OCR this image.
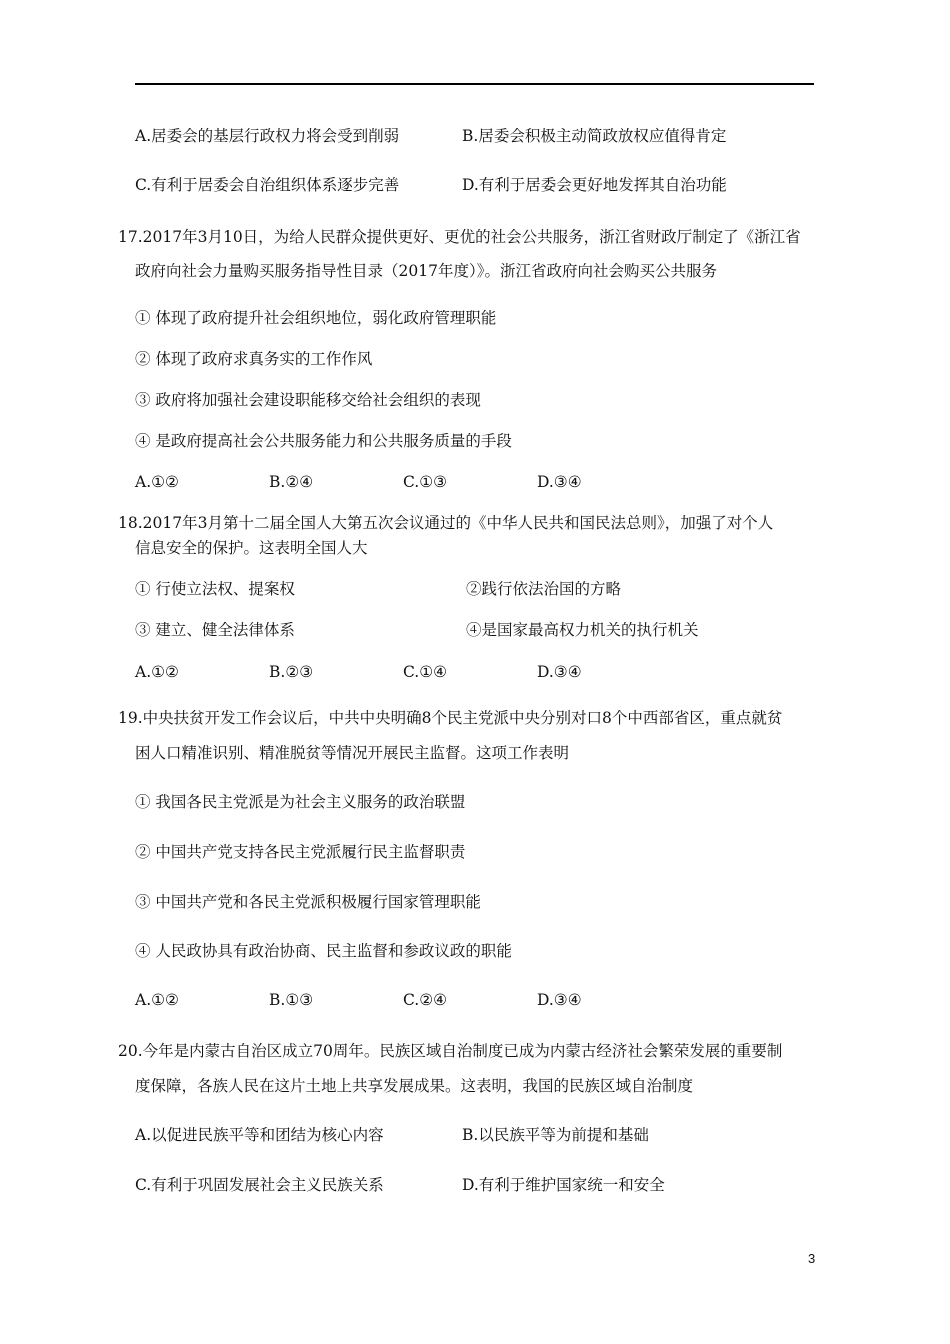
A.居委会的基层行政权力将会受到削弱	B.居委会积极主动简政放权应值得肯定
C.有利于居委会自治组织体系逐步完善	D.有利于居委会更好地发挥其自治功能
17.2017年3月10日，为给人民群众提供更好、更优的社会公共服务，浙江省财政厅制定了《浙江省
政府向社会力量购买服务指导性目录（2017年度）》。浙江省政府向社会购买公共服务
① 体现了政府提升社会组织地位，弱化政府管理职能
② 体现了政府求真务实的工作作风
③ 政府将加强社会建设职能移交给社会组织的表现
④ 是政府提高社会公共服务能力和公共服务质量的手段
A.①②	B.②④	C.①③	D.③④
18.2017年3月第十二届全国人大第五次会议通过的《中华人民共和国民法总则》，加强了对个人
信息安全的保护。这表明全国人大
① 行使立法权、提案权	②践行依法治国的方略
③ 建立、健全法律体系	④是国家最高权力机关的执行机关
A.①②	B.②③	C.①④	D.③④
19.中央扶贫开发工作会议后，中共中央明确8个民主党派中央分别对口8个中西部省区，重点就贫
困人口精准识别、精准脱贫等情况开展民主监督。这项工作表明
① 我国各民主党派是为社会主义服务的政治联盟
② 中国共产党支持各民主党派履行民主监督职责
③ 中国共产党和各民主党派积极履行国家管理职能
④ 人民政协具有政治协商、民主监督和参政议政的职能
A.①②	B.①③	C.②④	D.③④
20.今年是内蒙古自治区成立70周年。民族区域自治制度已成为内蒙古经济社会繁荣发展的重要制
度保障，各族人民在这片土地上共享发展成果。这表明，我国的民族区域自治制度
A.以促进民族平等和团结为核心内容	B.以民族平等为前提和基础
C.有利于巩固发展社会主义民族关系	D.有利于维护国家统一和安全
3
